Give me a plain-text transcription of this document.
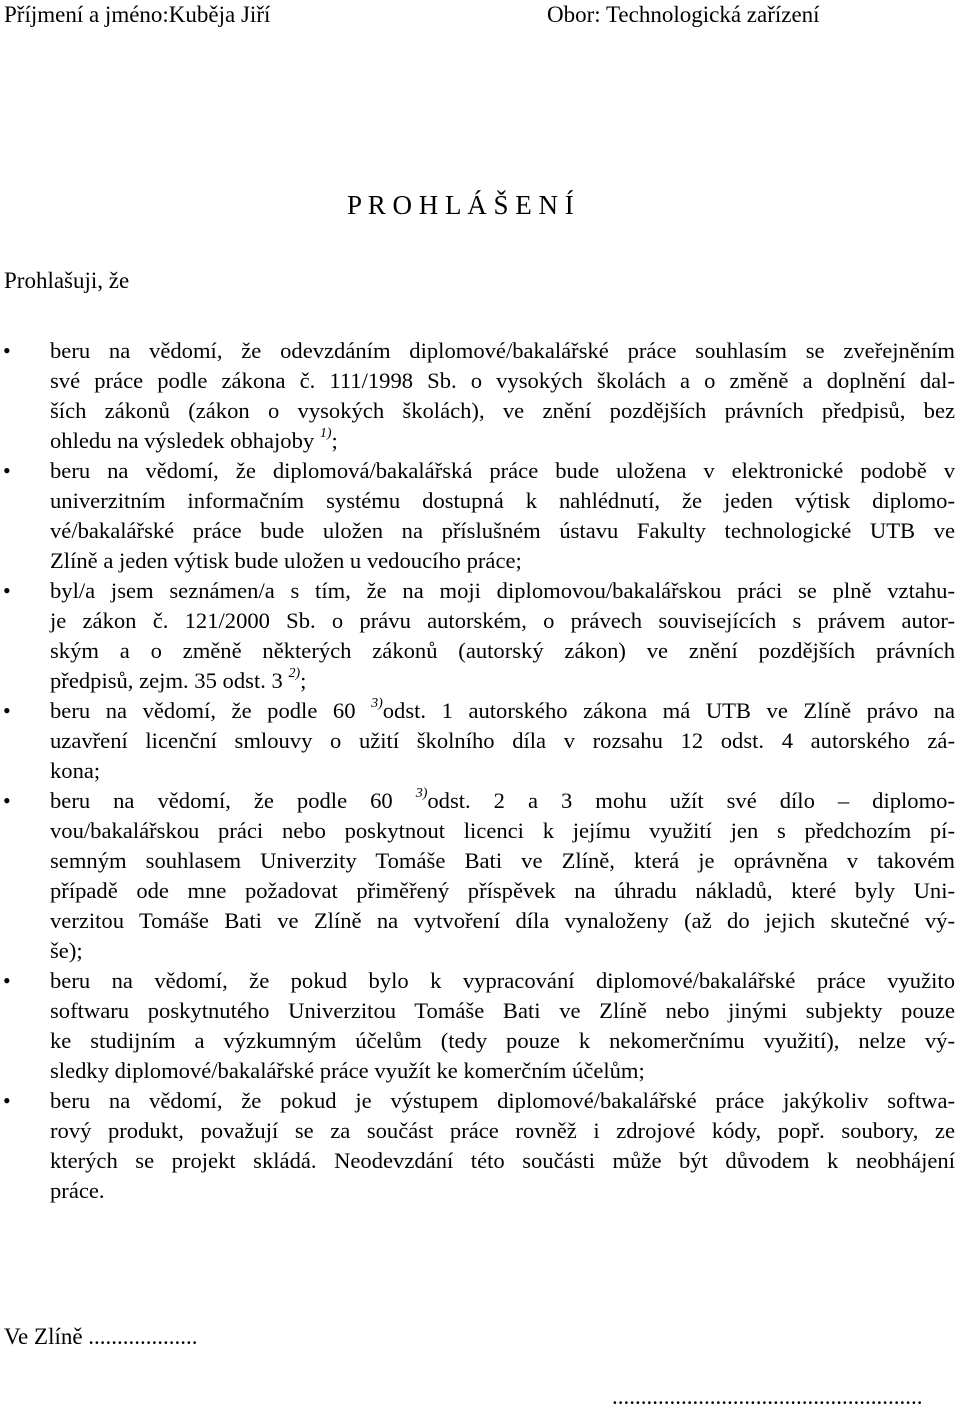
Příjmení a jméno:Kuběja Jiří	Obor: Technologická zařízení
P R O H L Á Š E N Í
Prohlašuji, že
• beru na vědomí, že odevzdáním diplomové/bakalářské práce souhlasím se zveřejněním
své práce podle zákona č. 111/1998 Sb. o vysokých školách a o změně a doplnění dal-
ších zákonů (zákon o vysokých školách), ve znění pozdějších právních předpisů, bez
ohledu na výsledek obhajoby $^{1)}$;
• beru na vědomí, že diplomová/bakalářská práce bude uložena v elektronické podobě v
univerzitním informačním systému dostupná k nahlédnutí, že jeden výtisk diplomo-
vé/bakalářské práce bude uložen na příslušném ústavu Fakulty technologické UTB ve
Zlíně a jeden výtisk bude uložen u vedoucího práce;
• byl/a jsem seznámen/a s tím, že na moji diplomovou/bakalářskou práci se plně vztahu-
je zákon č. 121/2000 Sb. o právu autorském, o právech souvisejících s právem autor-
ským a o změně některých zákonů (autorský zákon) ve znění pozdějších právních
předpisů, zejm. 35 odst. 3 $^{2)}$;
• beru na vědomí, že podle 60 $^{3)}$odst. 1 autorského zákona má UTB ve Zlíně právo na
uzavření licenční smlouvy o užití školního díla v rozsahu 12 odst. 4 autorského zá-
kona;
• beru na vědomí, že podle 60 $^{3)}$odst. 2 a 3 mohu užít své dílo – diplomo-
vou/bakalářskou práci nebo poskytnout licenci k jejímu využití jen s předchozím pí-
semným souhlasem Univerzity Tomáše Bati ve Zlíně, která je oprávněna v takovém
případě ode mne požadovat přiměřený příspěvek na úhradu nákladů, které byly Uni-
verzitou Tomáše Bati ve Zlíně na vytvoření díla vynaloženy (až do jejich skutečné vý-
še);
• beru na vědomí, že pokud bylo k vypracování diplomové/bakalářské práce využito
softwaru poskytnutého Univerzitou Tomáše Bati ve Zlíně nebo jinými subjekty pouze
ke studijním a výzkumným účelům (tedy pouze k nekomerčnímu využití), nelze vý-
sledky diplomové/bakalářské práce využít ke komerčním účelům;
• beru na vědomí, že pokud je výstupem diplomové/bakalářské práce jakýkoliv softwa-
rový produkt, považují se za součást práce rovněž i zdrojové kódy, popř. soubory, ze
kterých se projekt skládá. Neodevzdání této součásti může být důvodem k neobhájení
práce.
Ve Zlíně ...................
......................................................
